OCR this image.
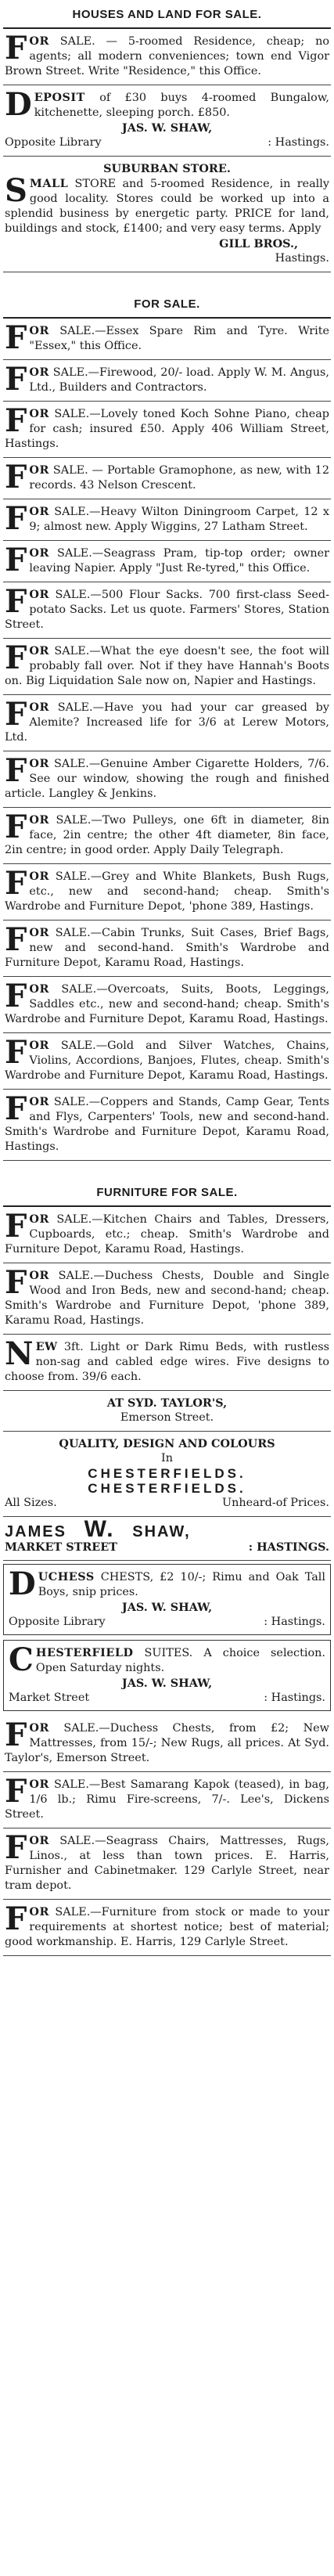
HOUSES AND LAND FOR SALE.
FOR SALE. — 5-roomed Residence, cheap; no agents; all modern conveniences; town end Vigor Brown Street. Write "Residence," this Office.
DEPOSIT of £30 buys 4-roomed Bungalow, kitchenette, sleeping porch. £850.
JAS. W. SHAW,
Opposite Library	: Hastings.
SUBURBAN STORE.
S MALL STORE and 5-roomed Residence, in really good locality. Stores could be worked up into a splendid business by energetic party. PRICE for land, buildings and stock, £1400; and very easy terms. Apply
GILL BROS.,
Hastings.
FOR SALE.
FOR SALE.—Essex Spare Rim and Tyre. Write "Essex," this Office.
FOR SALE.—Firewood, 20/- load. Apply W. M. Angus, Ltd., Builders and Contractors.
FOR SALE.—Lovely toned Koch Sohne Piano, cheap for cash; insured £50. Apply 406 William Street, Hastings.
FOR SALE. — Portable Gramophone, as new, with 12 records. 43 Nelson Crescent.
FOR SALE.—Heavy Wilton Diningroom Carpet, 12 x 9; almost new. Apply Wiggins, 27 Latham Street.
FOR SALE.—Seagrass Pram, tip-top order; owner leaving Napier. Apply "Just Re-tyred," this Office.
FOR SALE.—500 Flour Sacks. 700 first-class Seed-potato Sacks. Let us quote. Farmers' Stores, Station Street.
FOR SALE.—What the eye doesn't see, the foot will probably fall over. Not if they have Hannah's Boots on. Big Liquidation Sale now on, Napier and Hastings.
FOR SALE.—Have you had your car greased by Alemite? Increased life for 3/6 at Lerew Motors, Ltd.
FOR SALE.—Genuine Amber Cigarette Holders, 7/6. See our window, showing the rough and finished article. Langley & Jenkins.
FOR SALE.—Two Pulleys, one 6ft in diameter, 8in face, 2in centre; the other 4ft diameter, 8in face, 2in centre; in good order. Apply Daily Telegraph.
FOR SALE.—Grey and White Blankets, Bush Rugs, etc., new and second-hand; cheap. Smith's Wardrobe and Furniture Depot, 'phone 389, Hastings.
FOR SALE.—Cabin Trunks, Suit Cases, Brief Bags, new and second-hand. Smith's Wardrobe and Furniture Depot, Karamu Road, Hastings.
FOR SALE.—Overcoats, Suits, Boots, Leggings, Saddles etc., new and second-hand; cheap. Smith's Wardrobe and Furniture Depot, Karamu Road, Hastings.
FOR SALE.—Gold and Silver Watches, Chains, Violins, Accordions, Banjoes, Flutes, cheap. Smith's Wardrobe and Furniture Depot, Karamu Road, Hastings.
FOR SALE.—Coppers and Stands, Camp Gear, Tents and Flys, Carpenters' Tools, new and second-hand. Smith's Wardrobe and Furniture Depot, Karamu Road, Hastings.
FURNITURE FOR SALE.
FOR SALE.—Kitchen Chairs and Tables, Dressers, Cupboards, etc.; cheap. Smith's Wardrobe and Furniture Depot, Karamu Road, Hastings.
FOR SALE.—Duchess Chests, Double and Single Wood and Iron Beds, new and second-hand; cheap. Smith's Wardrobe and Furniture Depot, 'phone 389, Karamu Road, Hastings.
NEW 3ft. Light or Dark Rimu Beds, with rustless non-sag and cabled edge wires. Five designs to choose from. 39/6 each.
AT SYD. TAYLOR'S,
Emerson Street.
QUALITY, DESIGN AND COLOURS
In
CHESTERFIELDS.
CHESTERFIELDS.
All Sizes.	Unheard-of Prices.
JAMES W. SHAW,
MARKET STREET	: HASTINGS.
DUCHESS CHESTS, £2 10/-; Rimu and Oak Tall Boys, snip prices.
JAS. W. SHAW,
Opposite Library	: Hastings.
CHESTERFIELD SUITES. A choice selection. Open Saturday nights.
JAS. W. SHAW,
Market Street	: Hastings.
FOR SALE.—Duchess Chests, from £2; New Mattresses, from 15/-; New Rugs, all prices. At Syd. Taylor's, Emerson Street.
FOR SALE.—Best Samarang Kapok (teased), in bag, 1/6 lb.; Rimu Fire-screens, 7/-. Lee's, Dickens Street.
FOR SALE.—Seagrass Chairs, Mattresses, Rugs, Linos., at less than town prices. E. Harris, Furnisher and Cabinetmaker. 129 Carlyle Street, near tram depot.
FOR SALE.—Furniture from stock or made to your requirements at shortest notice; best of material; good workmanship. E. Harris, 129 Carlyle Street.
